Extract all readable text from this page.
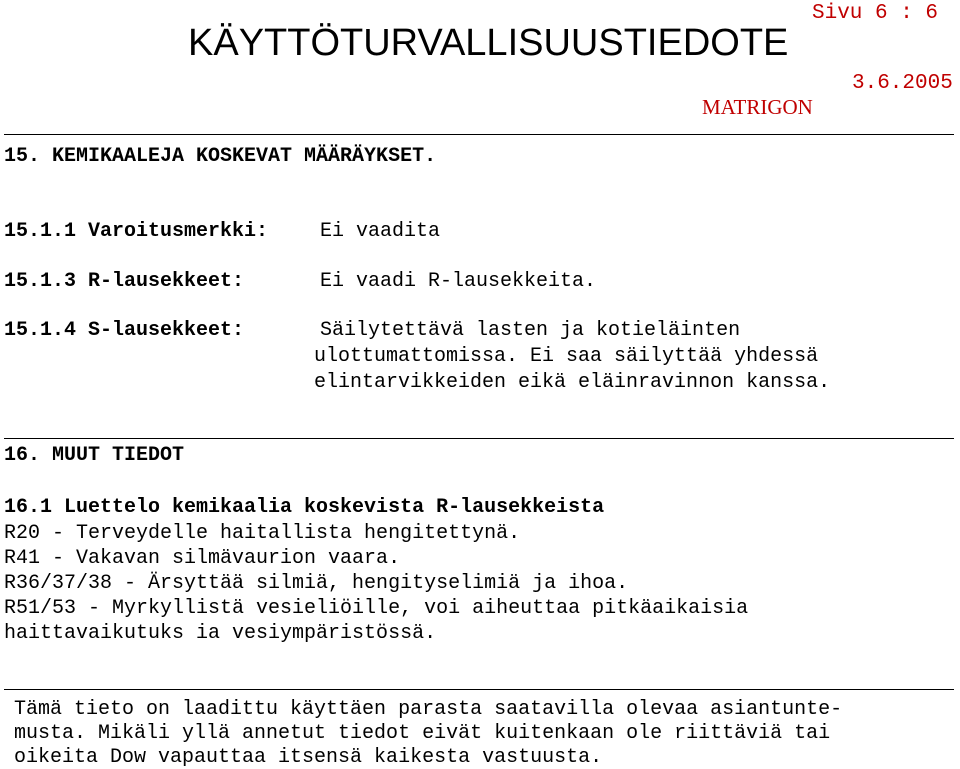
Sivu 6 : 6
KÄYTTÖTURVALLISUUSTIEDOTE
3.6.2005
MATRIGON
15. KEMIKAALEJA KOSKEVAT MÄÄRÄYKSET.
15.1.1 Varoitusmerkki:	Ei vaadita
15.1.3 R-lausekkeet:	Ei vaadi R-lausekkeita.
15.1.4 S-lausekkeet:	Säilytettävä lasten ja kotieläinten
ulottumattomissa. Ei saa säilyttää yhdessä
elintarvikkeiden eikä eläinravinnon kanssa.
16. MUUT TIEDOT
16.1 Luettelo kemikaalia koskevista R-lausekkeista
R20 - Terveydelle haitallista hengitettynä.
R41 - Vakavan silmävaurion vaara.
R36/37/38 - Ärsyttää silmiä, hengityselimiä ja ihoa.
R51/53 - Myrkyllistä vesieliöille, voi aiheuttaa pitkäaikaisia
haittavaikutuks ia vesiympäristössä.
Tämä tieto on laadittu käyttäen parasta saatavilla olevaa asiantunte-
musta. Mikäli yllä annetut tiedot eivät kuitenkaan ole riittäviä tai
oikeita Dow vapauttaa itsensä kaikesta vastuusta.
